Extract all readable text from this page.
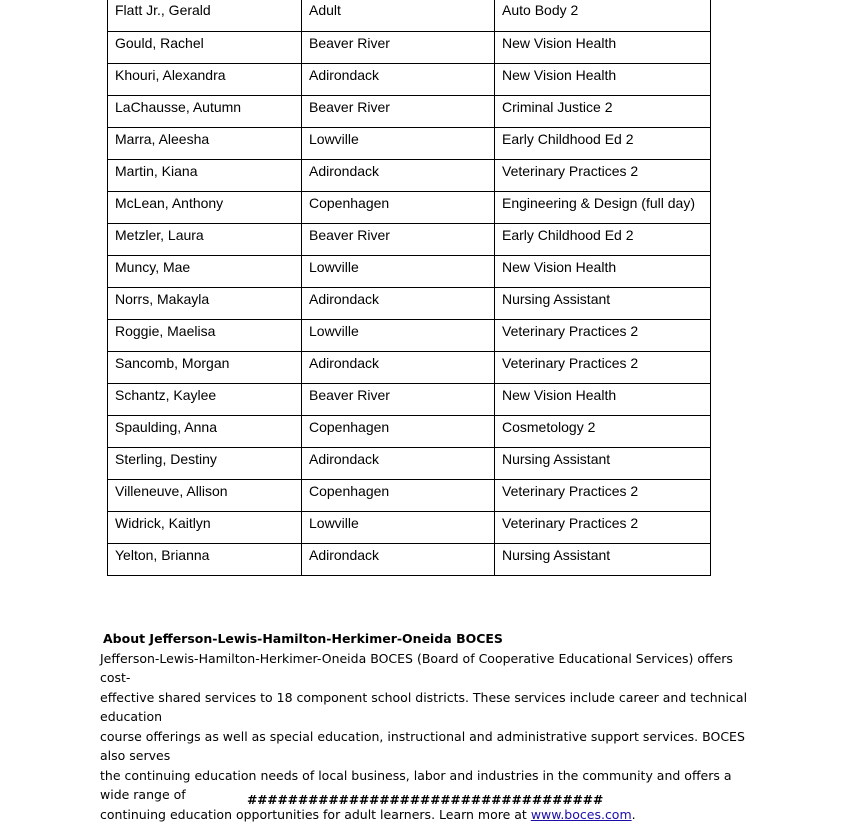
Flatt Jr., Gerald	Adult	Auto Body 2

Gould, Rachel	Beaver River	New Vision Health

Khouri, Alexandra	Adirondack	New Vision Health

LaChausse, Autumn	Beaver River	Criminal Justice 2

Marra, Aleesha	Lowville	Early Childhood Ed 2

Martin, Kiana	Adirondack	Veterinary Practices 2

McLean, Anthony	Copenhagen	Engineering & Design (full day)

Metzler, Laura	Beaver River	Early Childhood Ed 2

Muncy, Mae	Lowville	New Vision Health

Norrs, Makayla	Adirondack	Nursing Assistant

Roggie, Maelisa	Lowville	Veterinary Practices 2

Sancomb, Morgan	Adirondack	Veterinary Practices 2

Schantz, Kaylee	Beaver River	New Vision Health

Spaulding, Anna	Copenhagen	Cosmetology 2

Sterling, Destiny	Adirondack	Nursing Assistant

Villeneuve, Allison	Copenhagen	Veterinary Practices 2

Widrick, Kaitlyn	Lowville	Veterinary Practices 2

Yelton, Brianna	Adirondack	Nursing Assistant
About Jefferson-Lewis-Hamilton-Herkimer-Oneida BOCES
Jefferson-Lewis-Hamilton-Herkimer-Oneida BOCES (Board of Cooperative Educational Services) offers cost-
effective shared services to 18 component school districts. These services include career and technical education
course offerings as well as special education, instructional and administrative support services. BOCES also serves
the continuing education needs of local business, labor and industries in the community and offers a wide range of
continuing education opportunities for adult learners. Learn more at www.boces.com.
###################################
